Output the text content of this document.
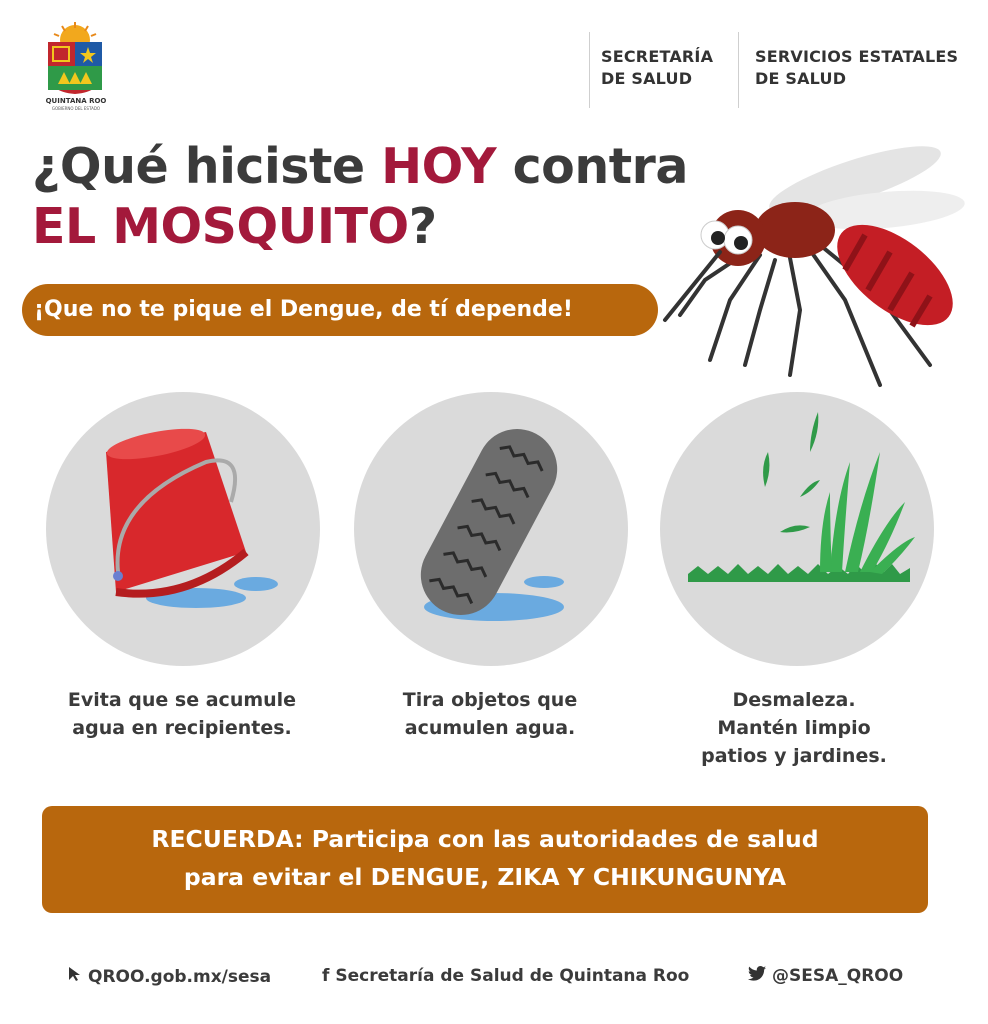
QUINTANA ROO
GOBIERNO DEL ESTADO
SECRETARÍA
DE SALUD
SERVICIOS ESTATALES
DE SALUD
¿Qué hiciste HOY contra
EL MOSQUITO?
¡Que no te pique el Dengue, de tí depende!
Evita que se acumule
agua en recipientes.
Tira objetos que
acumulen agua.
Desmaleza.
Mantén limpio
patios y jardines.
RECUERDA: Participa con las autoridades de salud
para evitar el DENGUE, ZIKA Y CHIKUNGUNYA
QROO.gob.mx/sesa	f Secretaría de Salud de Quintana Roo	@SESA_QROO
